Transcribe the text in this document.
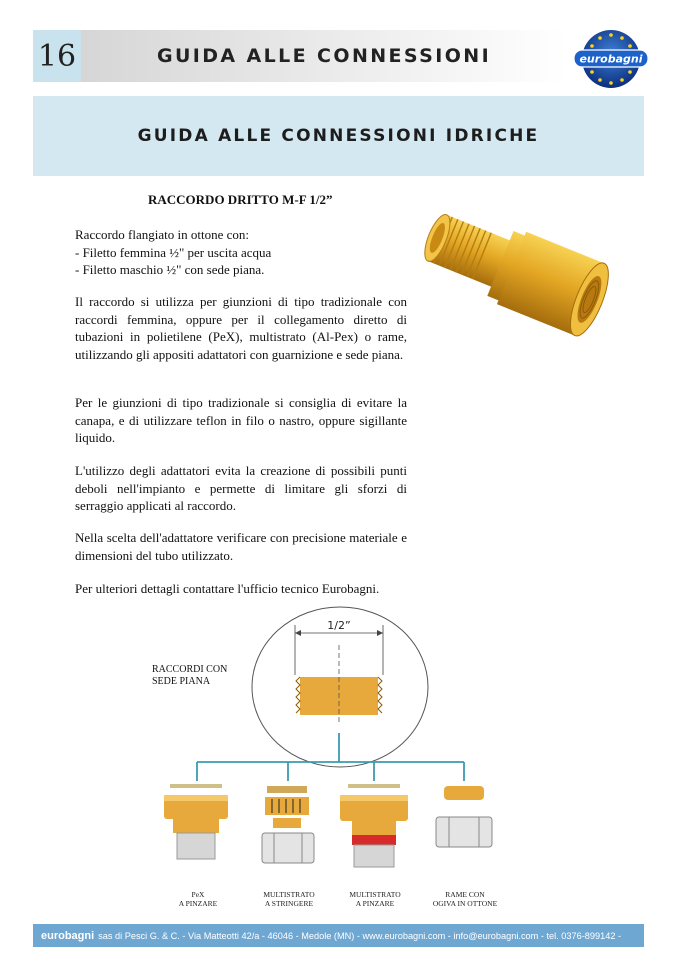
16	GUIDA ALLE CONNESSIONI	eurobagni
GUIDA ALLE CONNESSIONI IDRICHE
RACCORDO DRITTO M-F 1/2”

Raccordo flangiato in ottone con:

- Filetto femmina ½" per uscita acqua

- Filetto maschio ½" con sede piana.

Il raccordo si utilizza per giunzioni di tipo tradizionale con raccordi femmina, oppure per il collegamento diretto di tubazioni in polietilene (PeX), multistrato (Al-Pex) o rame, utilizzando gli appositi adattatori con guarnizione e sede piana.
Per le giunzioni di tipo tradizionale si consiglia di evitare la canapa, e di utilizzare teflon in filo o nastro, oppure sigillante liquido.
L'utilizzo degli adattatori evita la creazione di possibili punti deboli nell'impianto e permette di limitare gli sforzi di serraggio applicati al raccordo.
Nella scelta dell'adattatore verificare con precisione materiale e dimensioni del tubo utilizzato.
Per ulteriori dettagli contattare l'ufficio tecnico Eurobagni.
1/2”
RACCORDI CON
SEDE PIANA
PeX
A PINZARE
MULTISTRATO
A STRINGERE
MULTISTRATO
A PINZARE
RAME CON
OGIVA IN OTTONE
eurobagni sas di Pesci G. & C. - Via Matteotti 42/a - 46046 - Medole (MN) - www.eurobagni.com - info@eurobagni.com - tel. 0376-899142 -
